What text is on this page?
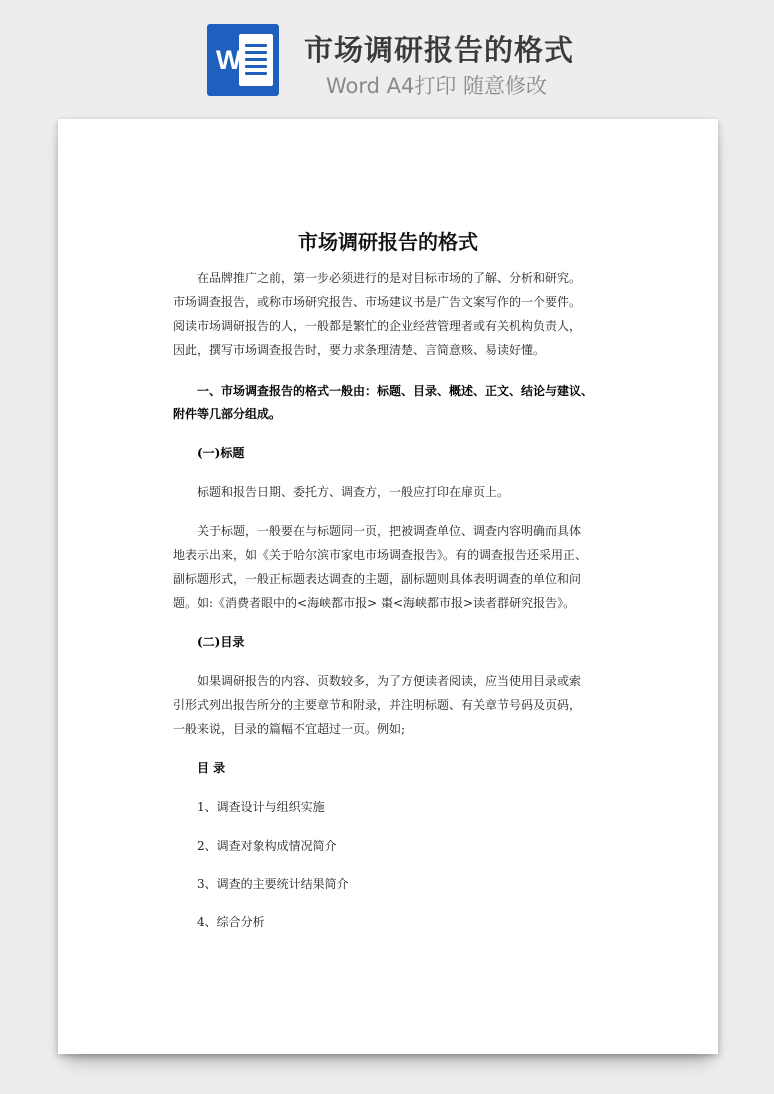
W 市场调研报告的格式
Word A4打印 随意修改
市场调研报告的格式
在品牌推广之前，第一步必须进行的是对目标市场的了解、分析和研究。
市场调查报告，或称市场研究报告、市场建议书是广告文案写作的一个要件。
阅读市场调研报告的人，一般都是繁忙的企业经营管理者或有关机构负责人，
因此，撰写市场调查报告时，要力求条理清楚、言简意赅、易读好懂。
一、市场调查报告的格式一般由：标题、目录、概述、正文、结论与建议、
附件等几部分组成。
(一)标题
标题和报告日期、委托方、调查方，一般应打印在扉页上。
关于标题，一般要在与标题同一页，把被调查单位、调查内容明确而具体
地表示出来，如《关于哈尔滨市家电市场调查报告》。有的调查报告还采用正、
副标题形式，一般正标题表达调查的主题，副标题则具体表明调查的单位和问
题。如:《消费者眼中的<海峡都市报> 棗<海峡都市报>读者群研究报告》。
(二)目录
如果调研报告的内容、页数较多，为了方便读者阅读，应当使用目录或索
引形式列出报告所分的主要章节和附录，并注明标题、有关章节号码及页码，
一般来说，目录的篇幅不宜超过一页。例如;
目 录
1、调查设计与组织实施
2、调查对象构成情况简介
3、调查的主要统计结果简介
4、综合分析
